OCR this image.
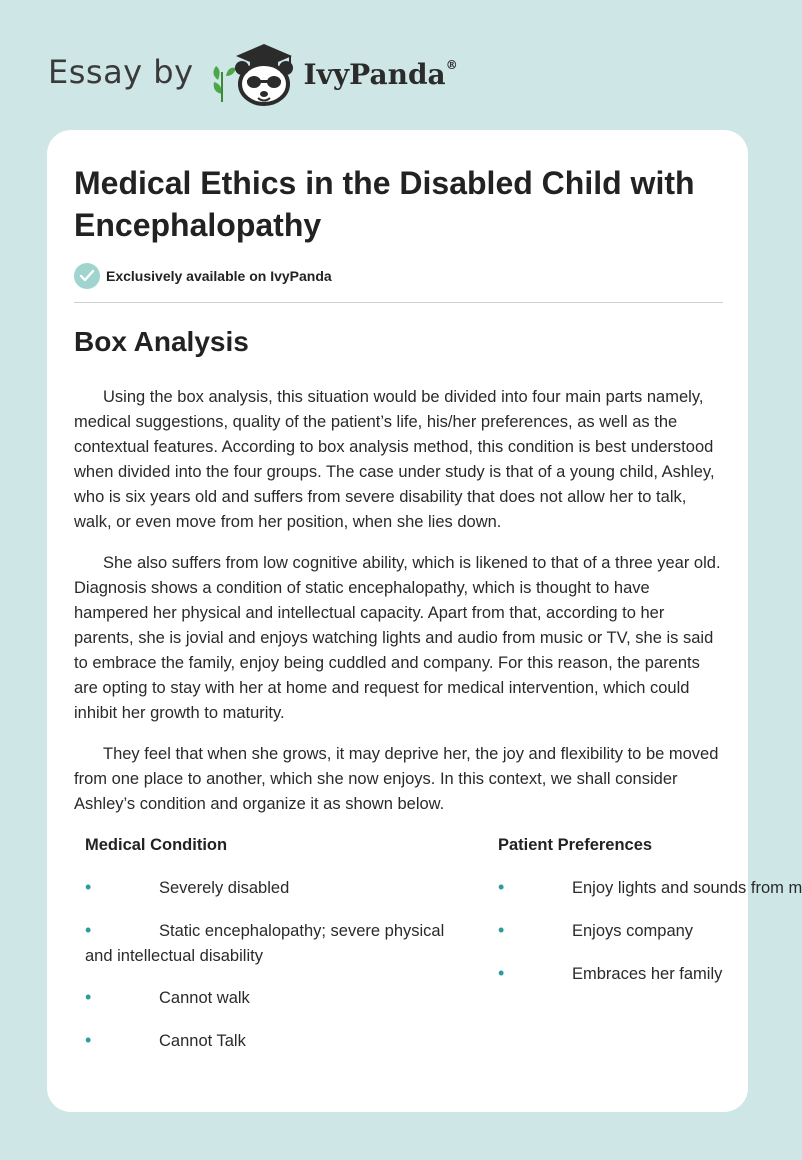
Essay by	IvyPanda®
Medical Ethics in the Disabled Child with Encephalopathy
Exclusively available on IvyPanda
Box Analysis

Using the box analysis, this situation would be divided into four main parts namely, medical suggestions, quality of the patient’s life, his/her preferences, as well as the contextual features. According to box analysis method, this condition is best understood when divided into the four groups. The case under study is that of a young child, Ashley, who is six years old and suffers from severe disability that does not allow her to talk, walk, or even move from her position, when she lies down.

She also suffers from low cognitive ability, which is likened to that of a three year old. Diagnosis shows a condition of static encephalopathy, which is thought to have hampered her physical and intellectual capacity. Apart from that, according to her parents, she is jovial and enjoys watching lights and audio from music or TV, she is said to embrace the family, enjoy being cuddled and company. For this reason, the parents are opting to stay with her at home and request for medical intervention, which could inhibit her growth to maturity.

They feel that when she grows, it may deprive her, the joy and flexibility to be moved from one place to another, which she now enjoys. In this context, we shall consider Ashley’s condition and organize it as shown below.

Medical Condition
•	Severely disabled
•	Static encephalopathy; severe physical and intellectual disability
•	Cannot walk
•	Cannot Talk
Patient Preferences
•	Enjoy lights and sounds from m
•	Enjoys company
•	Embraces her family
